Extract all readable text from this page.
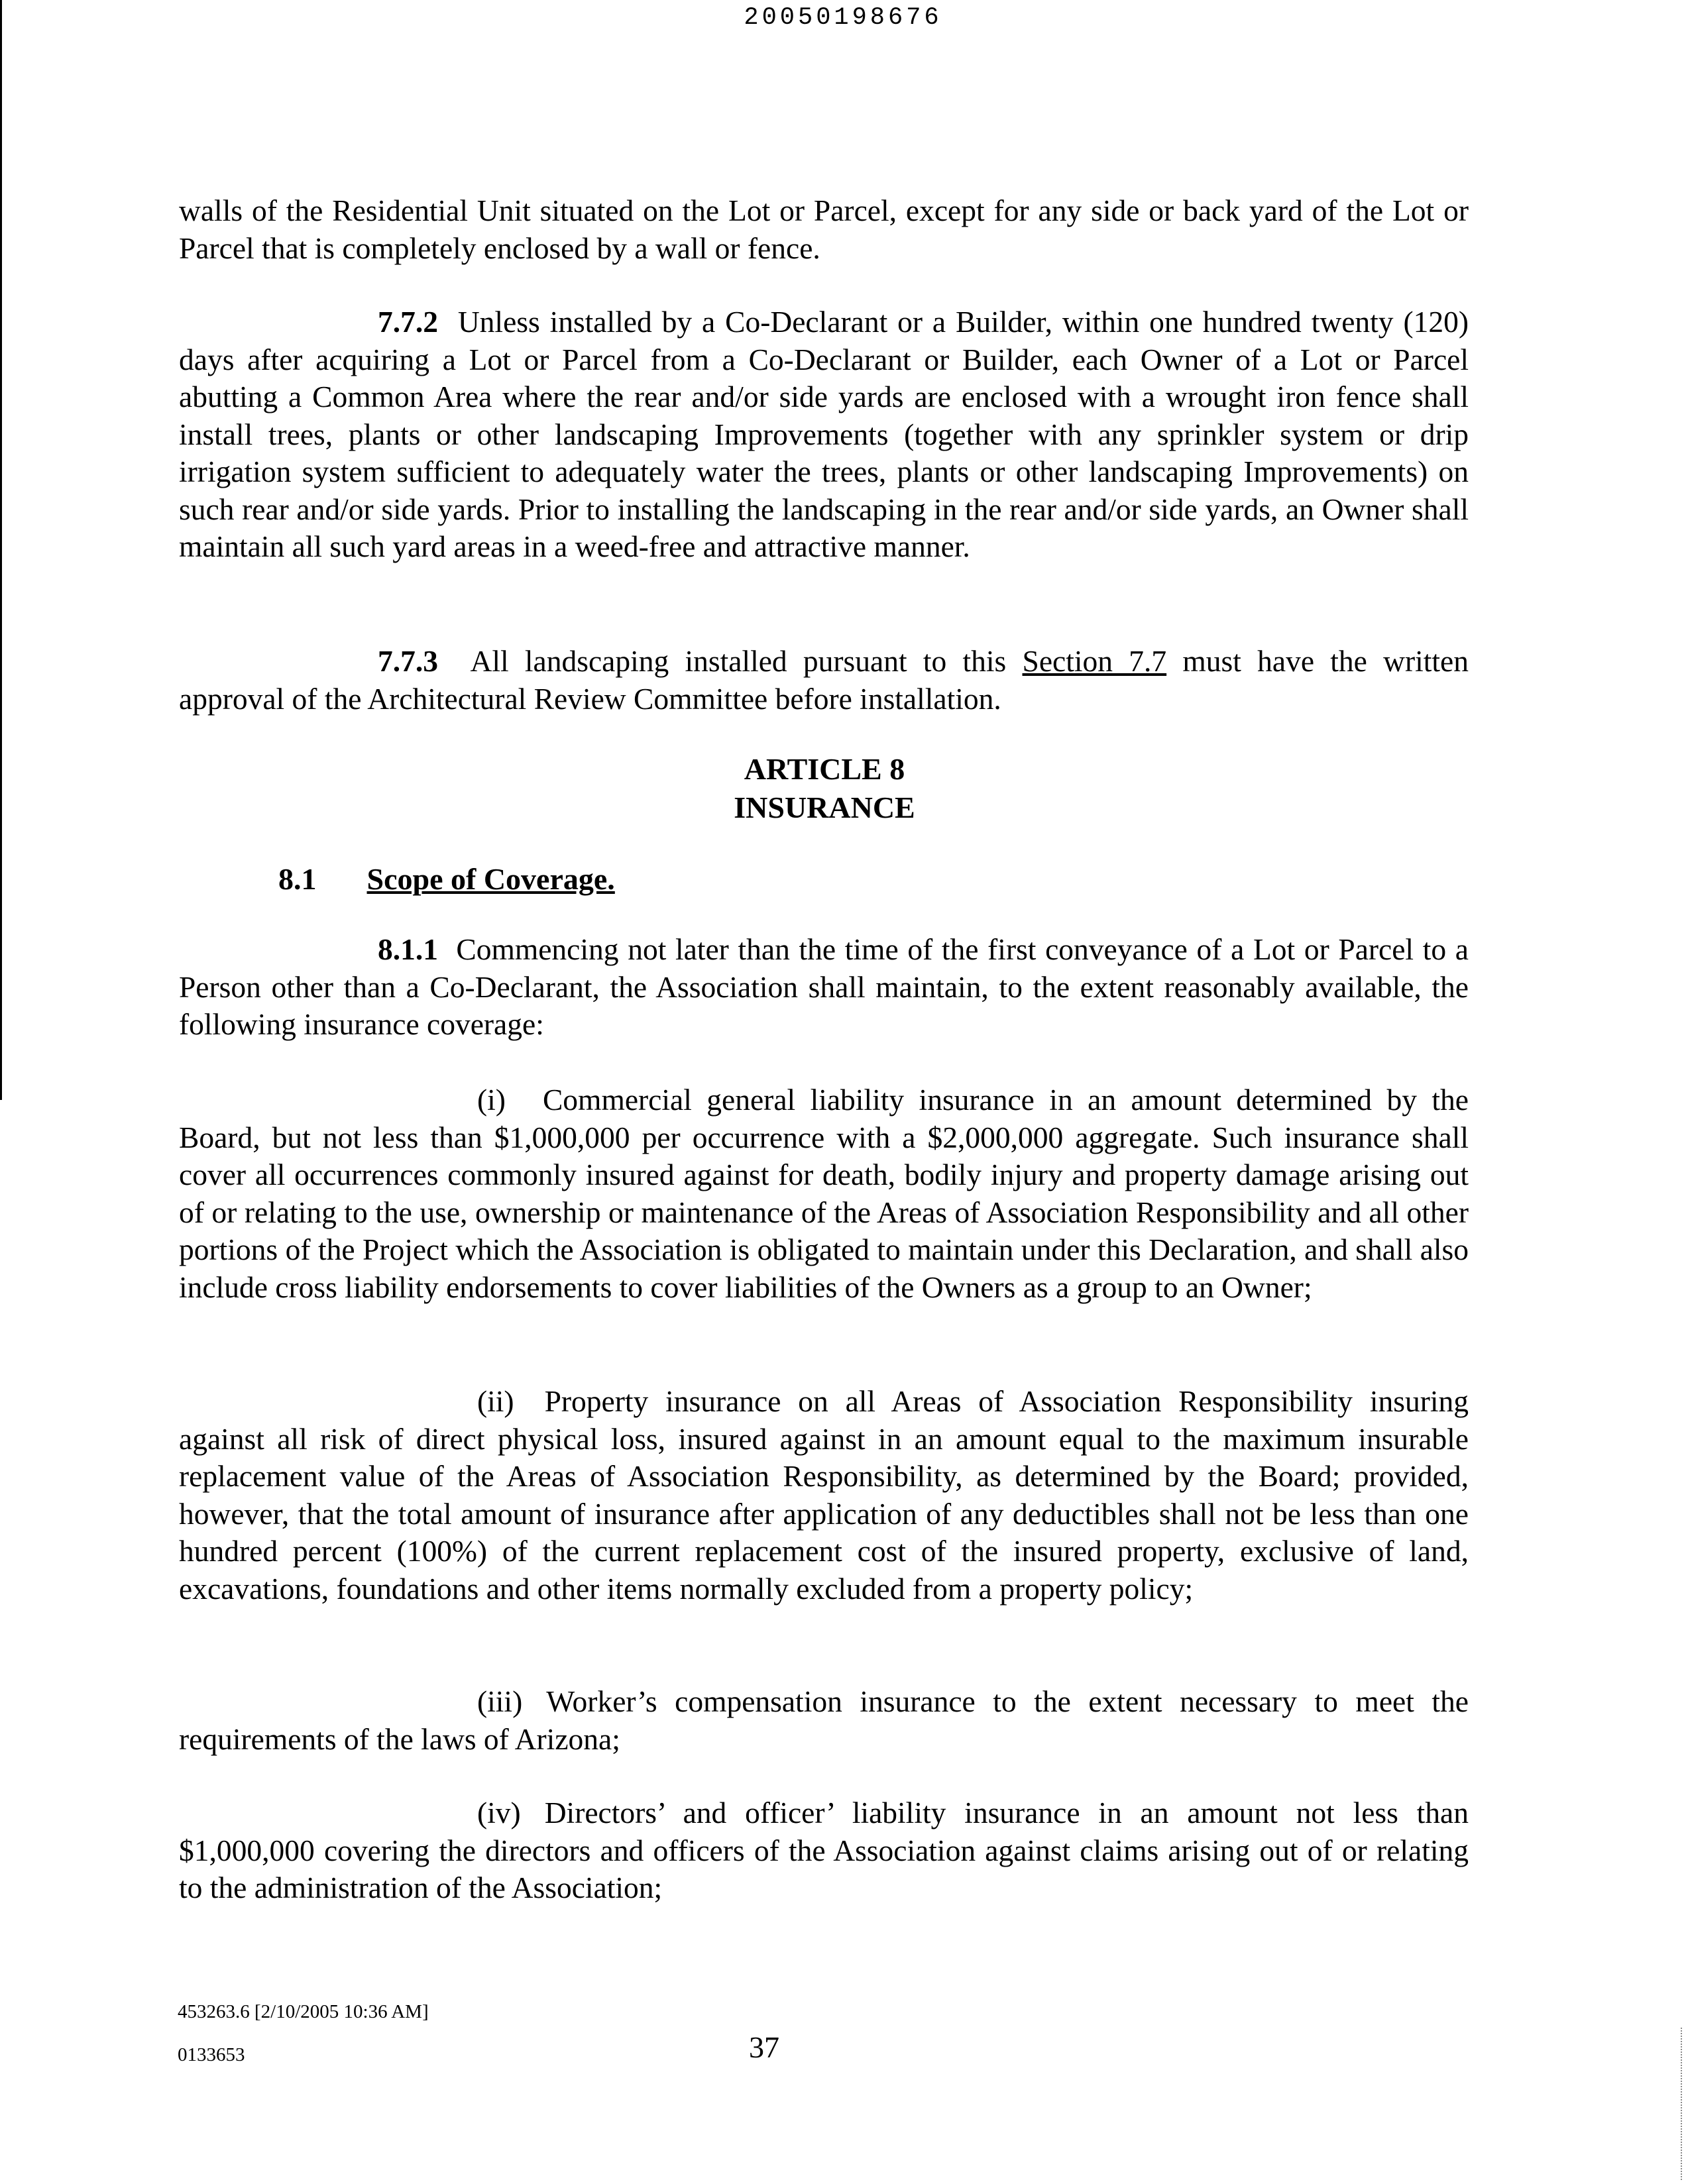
20050198676

walls of the Residential Unit situated on the Lot or Parcel, except for any side or back yard of the Lot or Parcel that is completely enclosed by a wall or fence.

7.7.2 Unless installed by a Co-Declarant or a Builder, within one hundred twenty (120) days after acquiring a Lot or Parcel from a Co-Declarant or Builder, each Owner of a Lot or Parcel abutting a Common Area where the rear and/or side yards are enclosed with a wrought iron fence shall install trees, plants or other landscaping Improvements (together with any sprinkler system or drip irrigation system sufficient to adequately water the trees, plants or other landscaping Improvements) on such rear and/or side yards. Prior to installing the landscaping in the rear and/or side yards, an Owner shall maintain all such yard areas in a weed-free and attractive manner.

7.7.3 All landscaping installed pursuant to this Section 7.7 must have the written approval of the Architectural Review Committee before installation.

ARTICLE 8
INSURANCE
8.1 Scope of Coverage.

8.1.1 Commencing not later than the time of the first conveyance of a Lot or Parcel to a Person other than a Co-Declarant, the Association shall maintain, to the extent reasonably available, the following insurance coverage:

(i) Commercial general liability insurance in an amount determined by the Board, but not less than $1,000,000 per occurrence with a $2,000,000 aggregate. Such insurance shall cover all occurrences commonly insured against for death, bodily injury and property damage arising out of or relating to the use, ownership or maintenance of the Areas of Association Responsibility and all other portions of the Project which the Association is obligated to maintain under this Declaration, and shall also include cross liability endorsements to cover liabilities of the Owners as a group to an Owner;

(ii) Property insurance on all Areas of Association Responsibility insuring against all risk of direct physical loss, insured against in an amount equal to the maximum insurable replacement value of the Areas of Association Responsibility, as determined by the Board; provided, however, that the total amount of insurance after application of any deductibles shall not be less than one hundred percent (100%) of the current replacement cost of the insured property, exclusive of land, excavations, foundations and other items normally excluded from a property policy;

(iii) Worker’s compensation insurance to the extent necessary to meet the requirements of the laws of Arizona;

(iv) Directors’ and officer’ liability insurance in an amount not less than $1,000,000 covering the directors and officers of the Association against claims arising out of or relating to the administration of the Association;

453263.6 [2/10/2005 10:36 AM]
0133653	37
